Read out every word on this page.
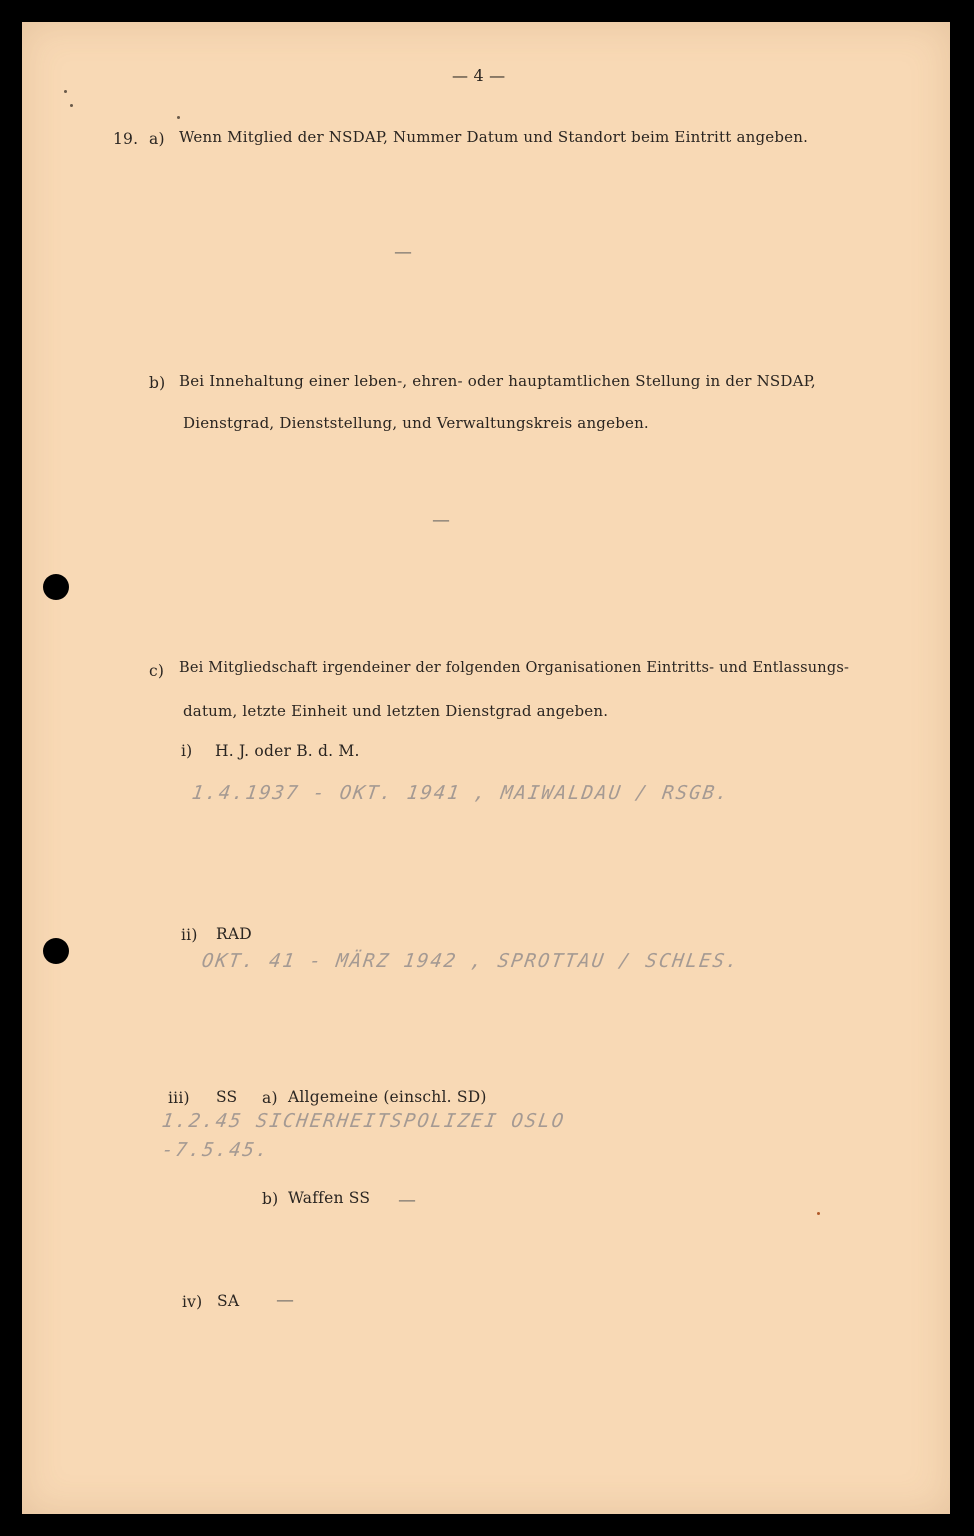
— 4 —
19. a) Wenn Mitglied der NSDAP, Nummer Datum und Standort beim Eintritt angeben.
—
b) Bei Innehaltung einer leben-, ehren- oder hauptamtlichen Stellung in der NSDAP,
Dienstgrad, Dienststellung, und Verwaltungskreis angeben.
—
c) Bei Mitgliedschaft irgendeiner der folgenden Organisationen Eintritts- und Entlassungs-
datum, letzte Einheit und letzten Dienstgrad angeben.
i) H. J. oder B. d. M.
1.4.1937 - OKT. 1941 , MAIWALDAU / RSGB.
ii) RAD
OKT. 41 - MÄRZ 1942 , SPROTTAU / SCHLES.
iii) SS a) Allgemeine (einschl. SD)
1.2.45 SICHERHEITSPOLIZEI OSLO
-7.5.45.
b) Waffen SS —
iv) SA —
